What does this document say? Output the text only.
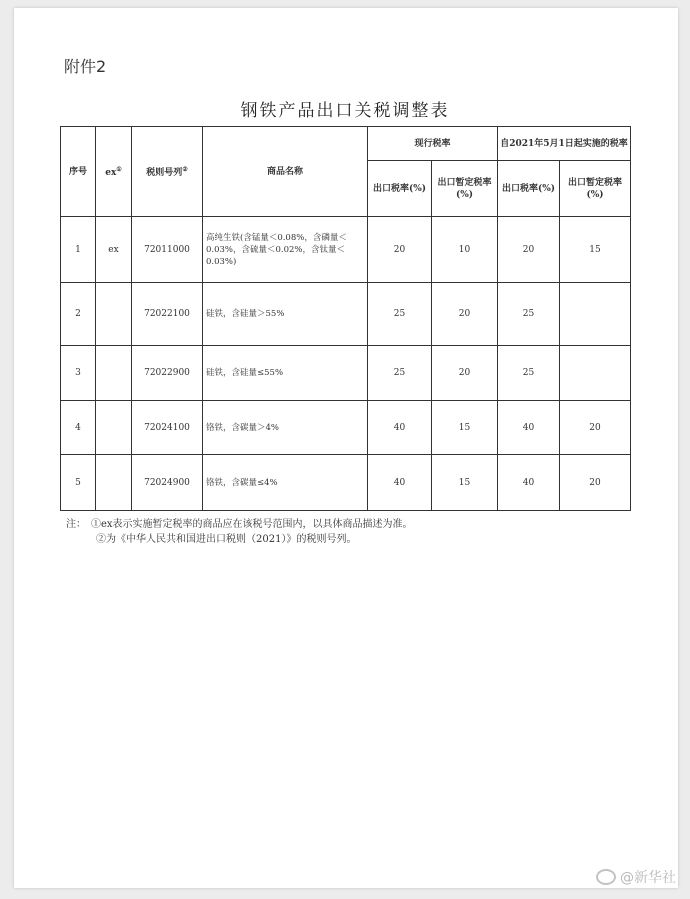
附件2
钢铁产品出口关税调整表
序号	ex①	税则号列②	商品名称	现行税率		自2021年5月1日起实施的税率	
				出口税率(%)	出口暂定税率(%)	出口税率(%)	出口暂定税率(%)
1	ex	72011000	高纯生铁(含锰量＜0.08%，含磷量＜0.03%，含硫量＜0.02%，含钛量＜0.03%)	20	10	20	15
2		72022100	硅铁，含硅量＞55%	25	20	25	
3		72022900	硅铁，含硅量≤55%	25	20	25	
4		72024100	铬铁，含碳量＞4%	40	15	40	20
5		72024900	铬铁，含碳量≤4%	40	15	40	20
注：　 ①ex表示实施暂定税率的商品应在该税号范围内，以具体商品描述为准。
②为《中华人民共和国进出口税则（2021）》的税则号列。
@新华社
